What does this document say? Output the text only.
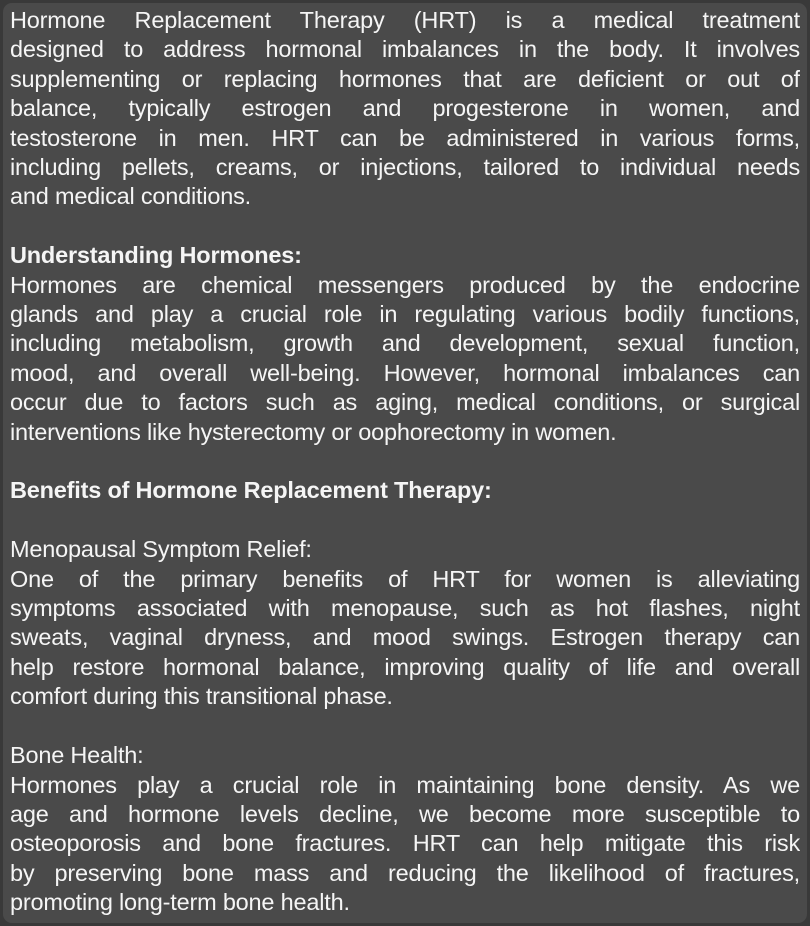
Hormone Replacement Therapy (HRT) is a medical treatment
designed to address hormonal imbalances in the body. It involves
supplementing or replacing hormones that are deficient or out of
balance, typically estrogen and progesterone in women, and
testosterone in men. HRT can be administered in various forms,
including pellets, creams, or injections, tailored to individual needs
and medical conditions.
Understanding Hormones:
Hormones are chemical messengers produced by the endocrine
glands and play a crucial role in regulating various bodily functions,
including metabolism, growth and development, sexual function,
mood, and overall well-being. However, hormonal imbalances can
occur due to factors such as aging, medical conditions, or surgical
interventions like hysterectomy or oophorectomy in women.
Benefits of Hormone Replacement Therapy:
Menopausal Symptom Relief:
One of the primary benefits of HRT for women is alleviating
symptoms associated with menopause, such as hot flashes, night
sweats, vaginal dryness, and mood swings. Estrogen therapy can
help restore hormonal balance, improving quality of life and overall
comfort during this transitional phase.
Bone Health:
Hormones play a crucial role in maintaining bone density. As we
age and hormone levels decline, we become more susceptible to
osteoporosis and bone fractures. HRT can help mitigate this risk
by preserving bone mass and reducing the likelihood of fractures,
promoting long-term bone health.
